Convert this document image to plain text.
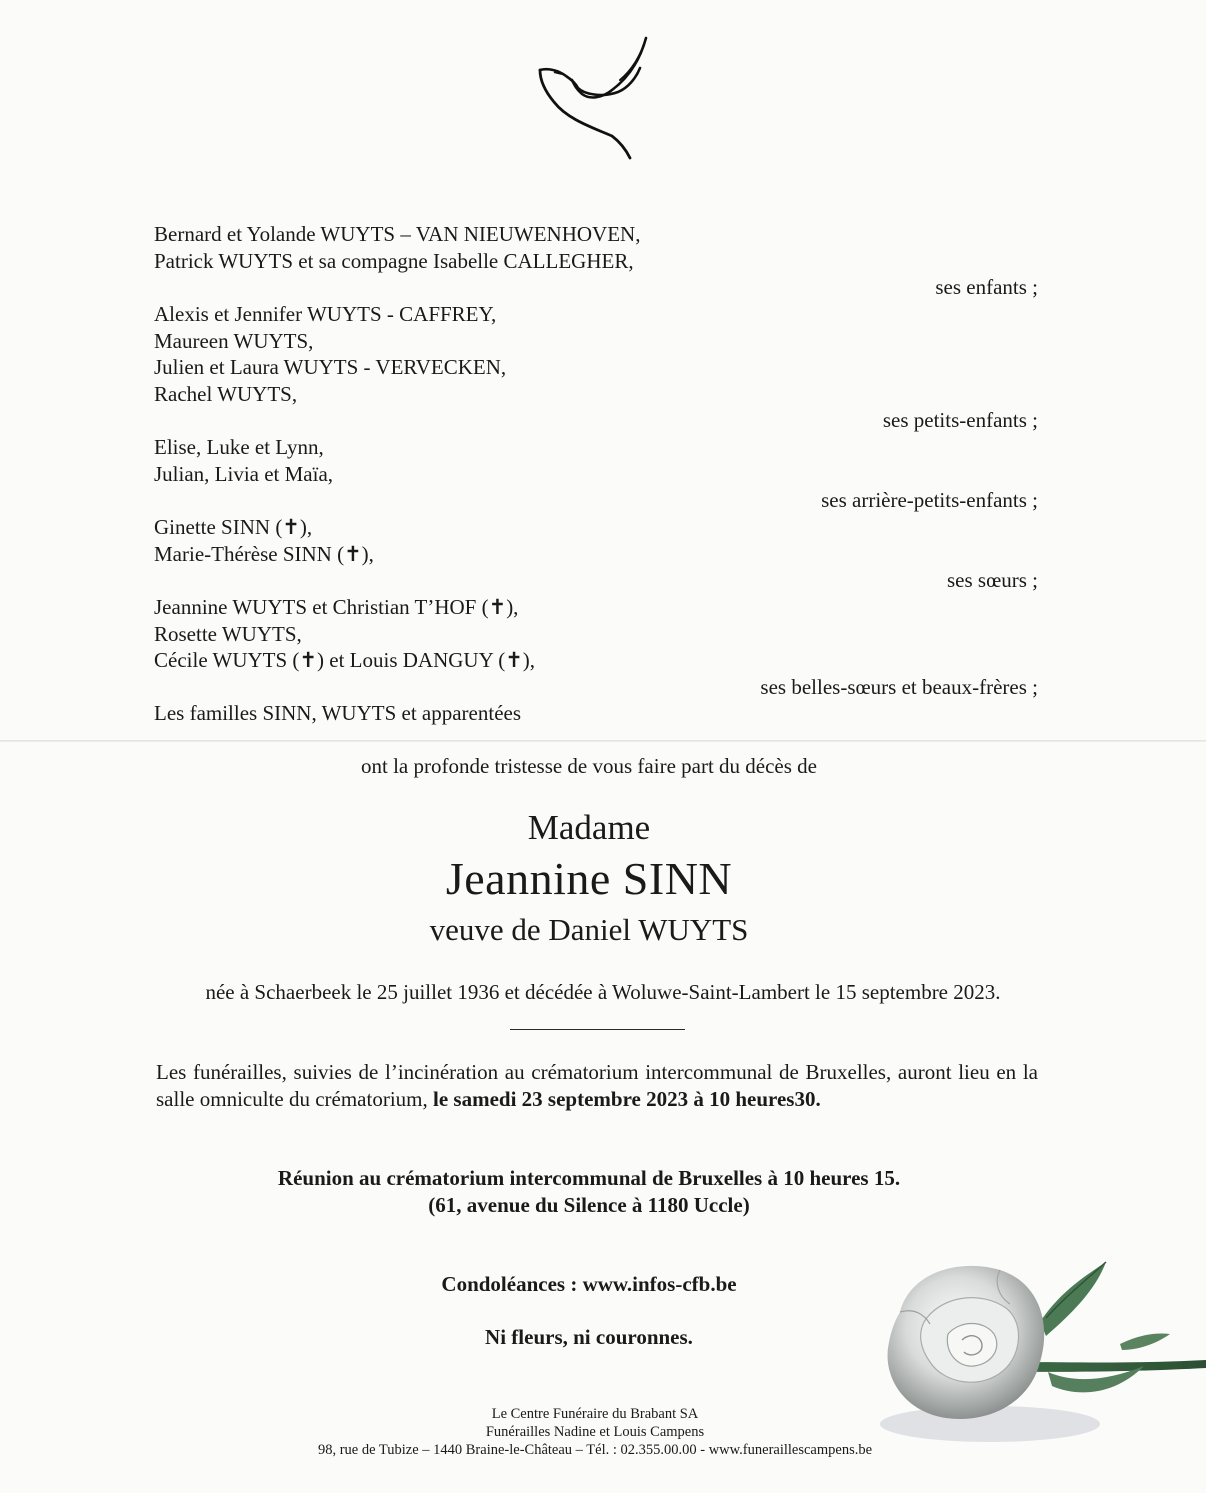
Bernard et Yolande WUYTS – VAN NIEUWENHOVEN,
Patrick WUYTS et sa compagne Isabelle CALLEGHER,
ses enfants ;
Alexis et Jennifer WUYTS - CAFFREY,
Maureen WUYTS,
Julien et Laura WUYTS - VERVECKEN,
Rachel WUYTS,
ses petits-enfants ;
Elise, Luke et Lynn,
Julian, Livia et Maïa,
ses arrière-petits-enfants ;
Ginette SINN (✝),
Marie-Thérèse SINN (✝),
ses sœurs ;
Jeannine WUYTS et Christian T’HOF (✝),
Rosette WUYTS,
Cécile WUYTS (✝) et Louis DANGUY (✝),
ses belles-sœurs et beaux-frères ;
Les familles SINN, WUYTS et apparentées
ont la profonde tristesse de vous faire part du décès de
Madame
Jeannine SINN
veuve de Daniel WUYTS
née à Schaerbeek le 25 juillet 1936 et décédée à Woluwe-Saint-Lambert le 15 septembre 2023.
Les funérailles, suivies de l’incinération au crématorium intercommunal de Bruxelles, auront lieu en la salle omniculte du crématorium, le samedi 23 septembre 2023 à 10 heures30.
Réunion au crématorium intercommunal de Bruxelles à 10 heures 15.
(61, avenue du Silence à 1180 Uccle)
Condoléances : www.infos-cfb.be
Ni fleurs, ni couronnes.
Le Centre Funéraire du Brabant SA
Funérailles Nadine et Louis Campens
98, rue de Tubize – 1440 Braine-le-Château – Tél. : 02.355.00.00 - www.funeraillescampens.be
